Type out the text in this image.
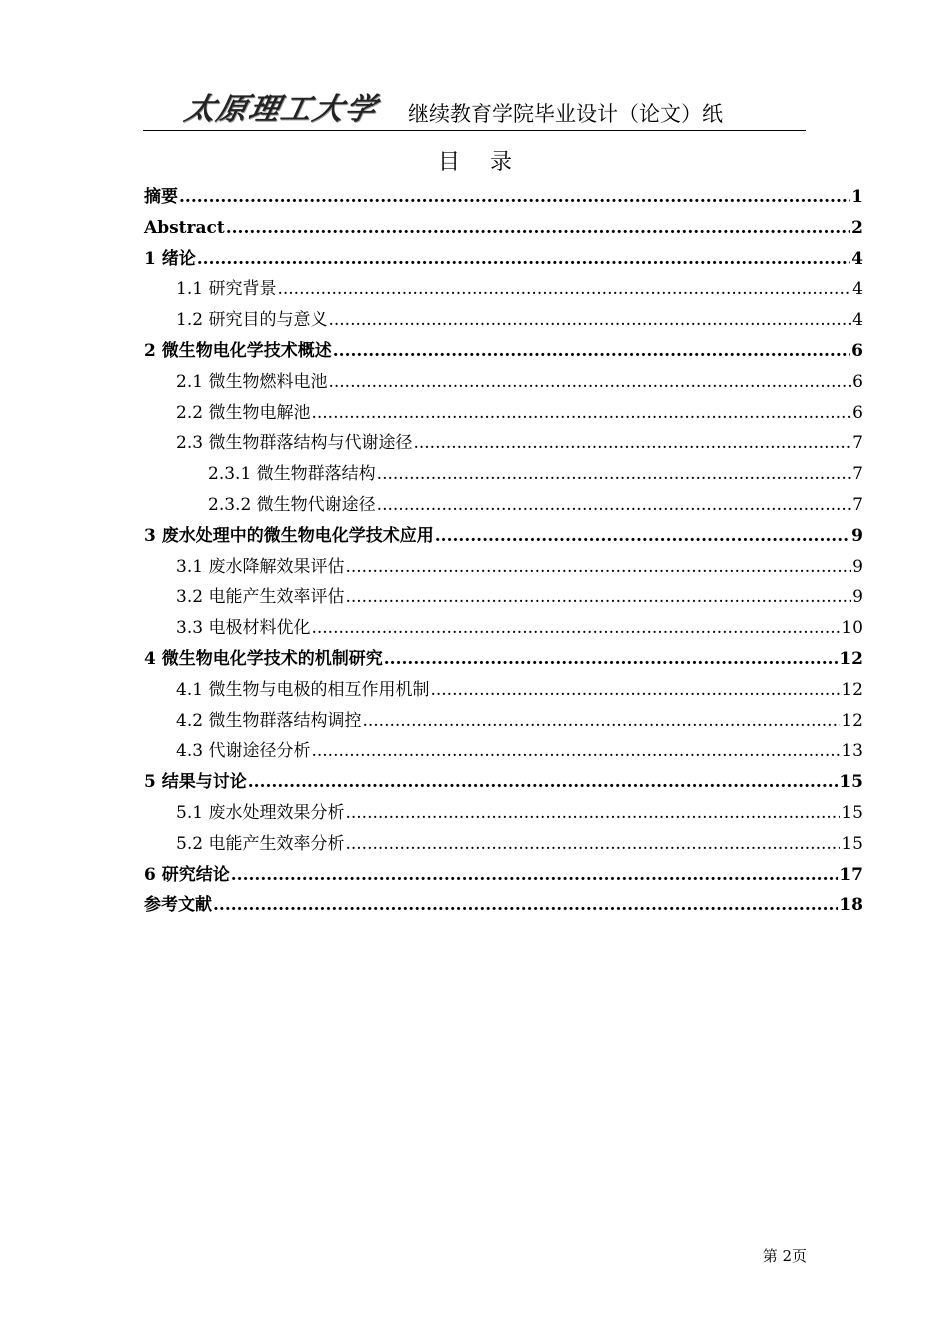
太原理工大学 继续教育学院毕业设计（论文）纸
目录
摘要 .....	1
Abstract .....	2
1 绪论 .....	4
1.1 研究背景 .....	4
1.2 研究目的与意义 .....	4
2 微生物电化学技术概述 .....	6
2.1 微生物燃料电池 .....	6
2.2 微生物电解池 .....	6
2.3 微生物群落结构与代谢途径 .....	7
2.3.1 微生物群落结构 .....	7
2.3.2 微生物代谢途径 .....	7
3 废水处理中的微生物电化学技术应用 .....	9
3.1 废水降解效果评估 .....	9
3.2 电能产生效率评估 .....	9
3.3 电极材料优化 .....	10
4 微生物电化学技术的机制研究 .....	12
4.1 微生物与电极的相互作用机制 .....	12
4.2 微生物群落结构调控 .....	12
4.3 代谢途径分析 .....	13
5 结果与讨论 .....	15
5.1 废水处理效果分析 .....	15
5.2 电能产生效率分析 .....	15
6 研究结论 .....	17
参考文献 .....	18
第 2页
